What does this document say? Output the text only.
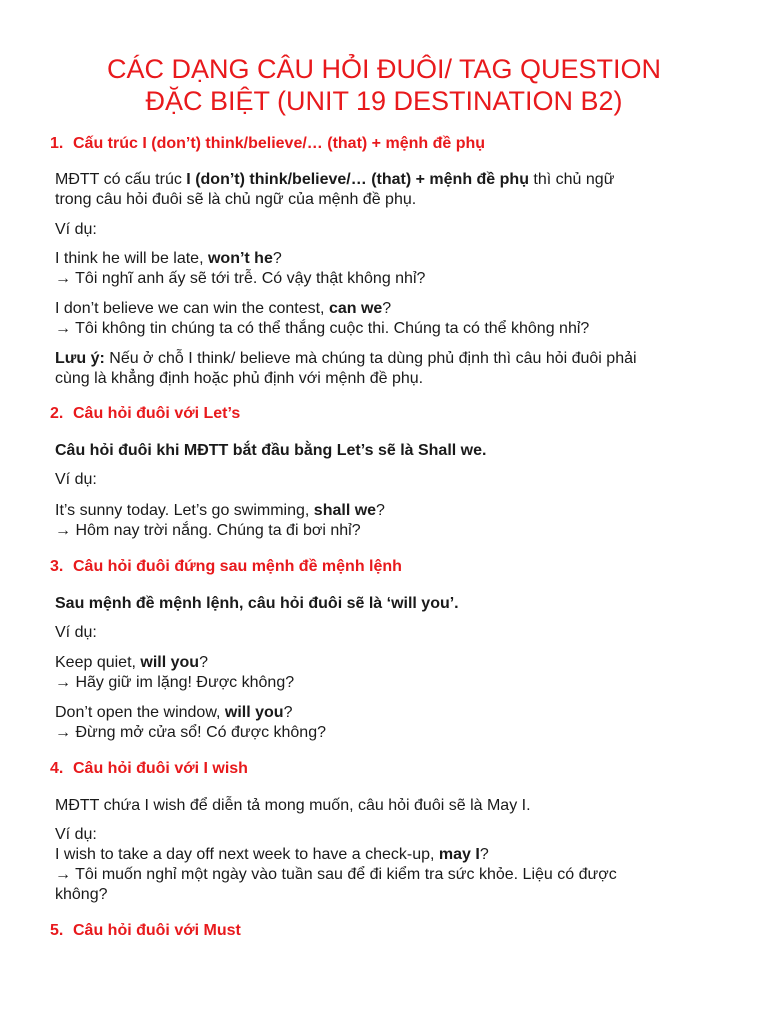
CÁC DẠNG CÂU HỎI ĐUÔI/ TAG QUESTION
ĐẶC BIỆT (UNIT 19 DESTINATION B2)
1. Cấu trúc I (don’t) think/believe/… (that) + mệnh đề phụ
MĐTT có cấu trúc I (don’t) think/believe/… (that) + mệnh đề phụ thì chủ ngữ
trong câu hỏi đuôi sẽ là chủ ngữ của mệnh đề phụ.
Ví dụ:
I think he will be late, won’t he?
→ Tôi nghĩ anh ấy sẽ tới trễ. Có vậy thật không nhỉ?
I don’t believe we can win the contest, can we?
→ Tôi không tin chúng ta có thể thắng cuộc thi. Chúng ta có thể không nhỉ?
Lưu ý: Nếu ở chỗ I think/ believe mà chúng ta dùng phủ định thì câu hỏi đuôi phải
cùng là khẳng định hoặc phủ định với mệnh đề phụ.
2. Câu hỏi đuôi với Let’s
Câu hỏi đuôi khi MĐTT bắt đầu bằng Let’s sẽ là Shall we.
Ví dụ:
It’s sunny today. Let’s go swimming, shall we?
→ Hôm nay trời nắng. Chúng ta đi bơi nhỉ?
3. Câu hỏi đuôi đứng sau mệnh đề mệnh lệnh
Sau mệnh đề mệnh lệnh, câu hỏi đuôi sẽ là ‘will you’.
Ví dụ:
Keep quiet, will you?
→ Hãy giữ im lặng! Được không?
Don’t open the window, will you?
→ Đừng mở cửa sổ! Có được không?
4. Câu hỏi đuôi với I wish
MĐTT chứa I wish để diễn tả mong muốn, câu hỏi đuôi sẽ là May I.
Ví dụ:
I wish to take a day off next week to have a check-up, may I?
→ Tôi muốn nghỉ một ngày vào tuần sau để đi kiểm tra sức khỏe. Liệu có được
không?
5. Câu hỏi đuôi với Must
